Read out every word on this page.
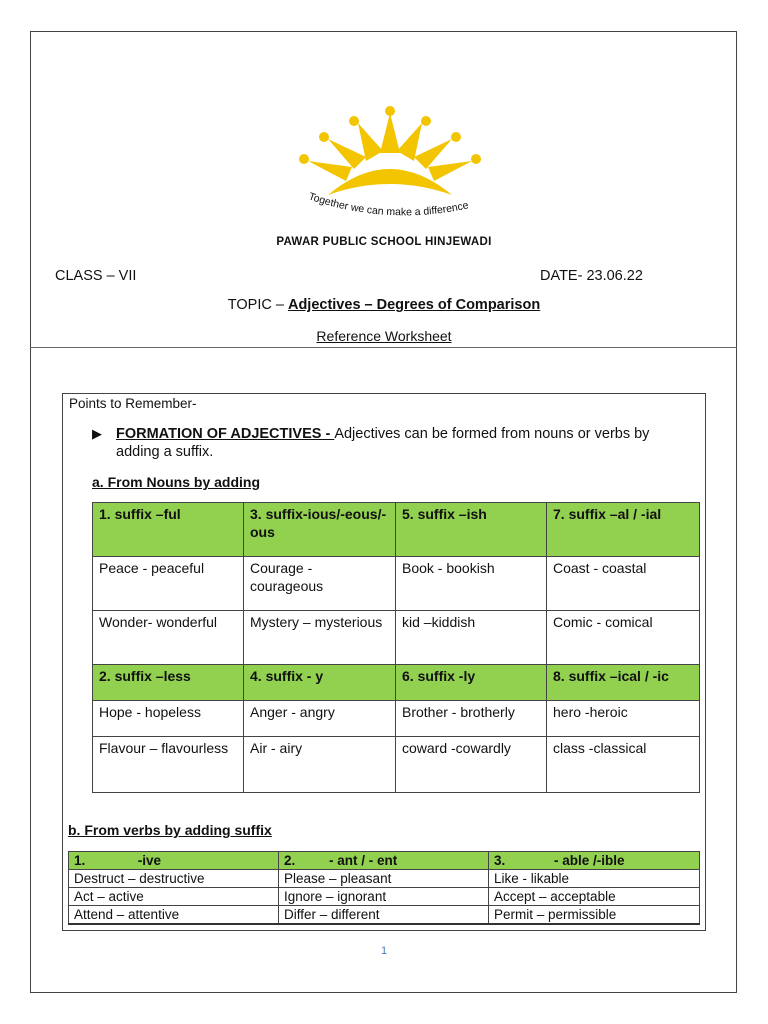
Together we can make a difference
PAWAR PUBLIC SCHOOL HINJEWADI
CLASS – VII	DATE- 23.06.22
TOPIC – Adjectives – Degrees of Comparison
Reference Worksheet
Points to Remember-
▶ FORMATION OF ADJECTIVES - Adjectives can be formed from nouns or verbs by adding a suffix.
a. From Nouns by adding
1. suffix –ful	3. suffix-ious/-eous/-ous	5. suffix –ish	7. suffix –al / -ial
Peace - peaceful	Courage - courageous	Book - bookish	Coast - coastal
Wonder- wonderful	Mystery – mysterious	kid –kiddish	Comic - comical
2. suffix –less	4. suffix - y	6. suffix -ly	8. suffix –ical / -ic
Hope - hopeless	Anger - angry	Brother - brotherly	hero -heroic
Flavour – flavourless	Air - airy	coward -cowardly	class -classical
b. From verbs by adding suffix
1.              -ive	2.         - ant / - ent	3.             - able /-ible
Destruct – destructive	Please – pleasant	Like - likable
Act – active	Ignore – ignorant	Accept – acceptable
Attend – attentive	Differ – different	Permit – permissible
1
